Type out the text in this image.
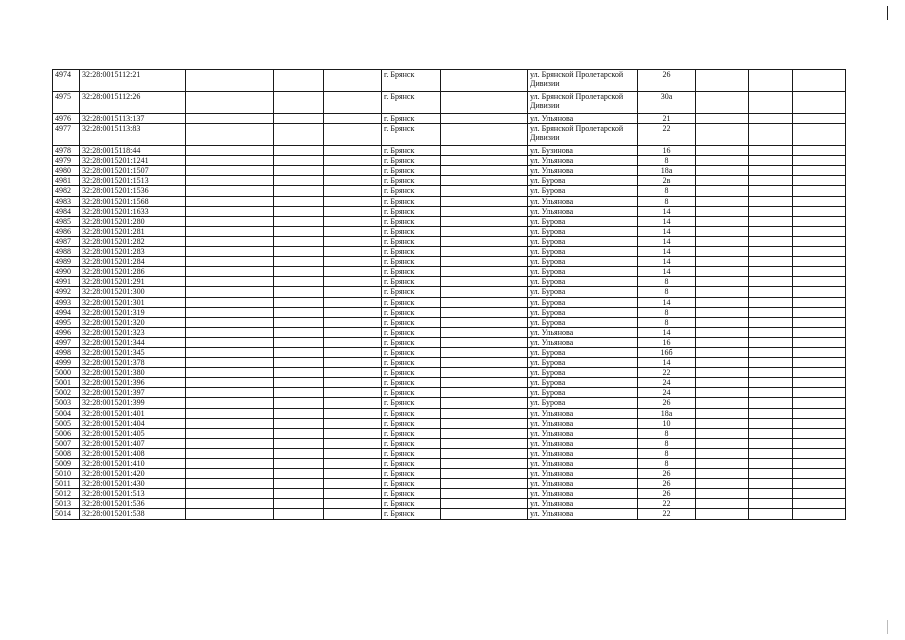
4974	32:28:0015112:21				г. Брянск		ул. Брянской Пролетарской Дивизии	26			
4975	32:28:0015112:26				г. Брянск		ул. Брянской Пролетарской Дивизии	30а			
4976	32:28:0015113:137				г. Брянск		ул. Ульянова	21			
4977	32:28:0015113:83				г. Брянск		ул. Брянской Пролетарской Дивизии	22			
4978	32:28:0015118:44				г. Брянск		ул. Бузинова	16			
4979	32:28:0015201:1241				г. Брянск		ул. Ульянова	8			
4980	32:28:0015201:1507				г. Брянск		ул. Ульянова	18а			
4981	32:28:0015201:1513				г. Брянск		ул. Бурова	2в			
4982	32:28:0015201:1536				г. Брянск		ул. Бурова	8			
4983	32:28:0015201:1568				г. Брянск		ул. Ульянова	8			
4984	32:28:0015201:1633				г. Брянск		ул. Ульянова	14			
4985	32:28:0015201:280				г. Брянск		ул. Бурова	14			
4986	32:28:0015201:281				г. Брянск		ул. Бурова	14			
4987	32:28:0015201:282				г. Брянск		ул. Бурова	14			
4988	32:28:0015201:283				г. Брянск		ул. Бурова	14			
4989	32:28:0015201:284				г. Брянск		ул. Бурова	14			
4990	32:28:0015201:286				г. Брянск		ул. Бурова	14			
4991	32:28:0015201:291				г. Брянск		ул. Бурова	8			
4992	32:28:0015201:300				г. Брянск		ул. Бурова	8			
4993	32:28:0015201:301				г. Брянск		ул. Бурова	14			
4994	32:28:0015201:319				г. Брянск		ул. Бурова	8			
4995	32:28:0015201:320				г. Брянск		ул. Бурова	8			
4996	32:28:0015201:323				г. Брянск		ул. Ульянова	14			
4997	32:28:0015201:344				г. Брянск		ул. Ульянова	16			
4998	32:28:0015201:345				г. Брянск		ул. Бурова	16б			
4999	32:28:0015201:378				г. Брянск		ул. Бурова	14			
5000	32:28:0015201:380				г. Брянск		ул. Бурова	22			
5001	32:28:0015201:396				г. Брянск		ул. Бурова	24			
5002	32:28:0015201:397				г. Брянск		ул. Бурова	24			
5003	32:28:0015201:399				г. Брянск		ул. Бурова	26			
5004	32:28:0015201:401				г. Брянск		ул. Ульянова	18а			
5005	32:28:0015201:404				г. Брянск		ул. Ульянова	10			
5006	32:28:0015201:405				г. Брянск		ул. Ульянова	8			
5007	32:28:0015201:407				г. Брянск		ул. Ульянова	8			
5008	32:28:0015201:408				г. Брянск		ул. Ульянова	8			
5009	32:28:0015201:410				г. Брянск		ул. Ульянова	8			
5010	32:28:0015201:420				г. Брянск		ул. Ульянова	26			
5011	32:28:0015201:430				г. Брянск		ул. Ульянова	26			
5012	32:28:0015201:513				г. Брянск		ул. Ульянова	26			
5013	32:28:0015201:536				г. Брянск		ул. Ульянова	22			
5014	32:28:0015201:538				г. Брянск		ул. Ульянова	22			
